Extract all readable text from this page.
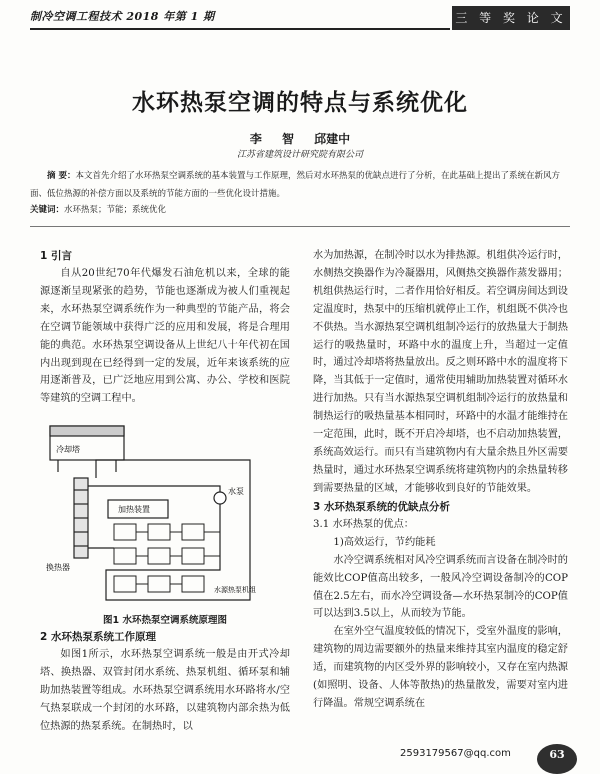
制冷空调工程技术 2018 年第 1 期	三 等 奖 论 文
水环热泵空调的特点与系统优化
李 智 邱建中
江苏省建筑设计研究院有限公司
摘 要：本文首先介绍了水环热泵空调系统的基本装置与工作原理，然后对水环热泵的优缺点进行了分析，在此基础上提出了系统在新风方面、低位热源的补偿方面以及系统的节能方面的一些优化设计措施。
关键词：水环热泵；节能；系统优化
1 引言

自从20世纪70年代爆发石油危机以来，全球的能源逐渐呈现紧张的趋势，节能也逐渐成为被人们重视起来，水环热泵空调系统作为一种典型的节能产品，将会在空调节能领域中获得广泛的应用和发展，将是合理用能的典范。水环热泵空调设备从上世纪八十年代初在国内出现到现在已经得到一定的发展，近年来该系统的应用逐渐普及，已广泛地应用到公寓、办公、学校和医院等建筑的空调工程中。

冷却塔
换热器
加热装置
水泵
水源热泵机组
图1 水环热泵空调系统原理图
2 水环热泵系统工作原理

如图1所示，水环热泵空调系统一般是由开式冷却塔、换热器、双管封闭水系统、热泵机组、循环泵和辅助加热装置等组成。水环热泵空调系统用水环路将水/空气热泵联成一个封闭的水环路，以建筑物内部余热为低位热源的热泵系统。在制热时，以

水为加热源，在制冷时以水为排热源。机组供冷运行时，水侧热交换器作为冷凝器用，风侧热交换器作蒸发器用；机组供热运行时，二者作用恰好相反。若空调房间达到设定温度时，热泵中的压缩机就停止工作，机组既不供冷也不供热。当水源热泵空调机组制冷运行的放热量大于制热运行的吸热量时，环路中水的温度上升，当超过一定值时，通过冷却塔将热量放出。反之则环路中水的温度将下降，当其低于一定值时，通常使用辅助加热装置对循环水进行加热。只有当水源热泵空调机组制冷运行的放热量和制热运行的吸热量基本相同时，环路中的水温才能维持在一定范围，此时，既不开启冷却塔，也不启动加热装置，系统高效运行。而只有当建筑物内有大量余热且外区需要热量时，通过水环热泵空调系统将建筑物内的余热量转移到需要热量的区域，才能够收到良好的节能效果。

3 水环热泵系统的优缺点分析
3.1 水环热泵的优点：
1)高效运行，节约能耗

水冷空调系统相对风冷空调系统而言设备在制冷时的能效比COP值高出较多，一般风冷空调设备制冷的COP值在2.5左右，而水冷空调设备—水环热泵制冷的COP值可以达到3.5以上，从而较为节能。

在室外空气温度较低的情况下，受室外温度的影响，建筑物的周边需要额外的热量来维持其室内温度的稳定舒适，而建筑物的内区受外界的影响较小，又存在室内热源(如照明、设备、人体等散热)的热量散发，需要对室内进行降温。常规空调系统在

2593179567@qq.com	63
